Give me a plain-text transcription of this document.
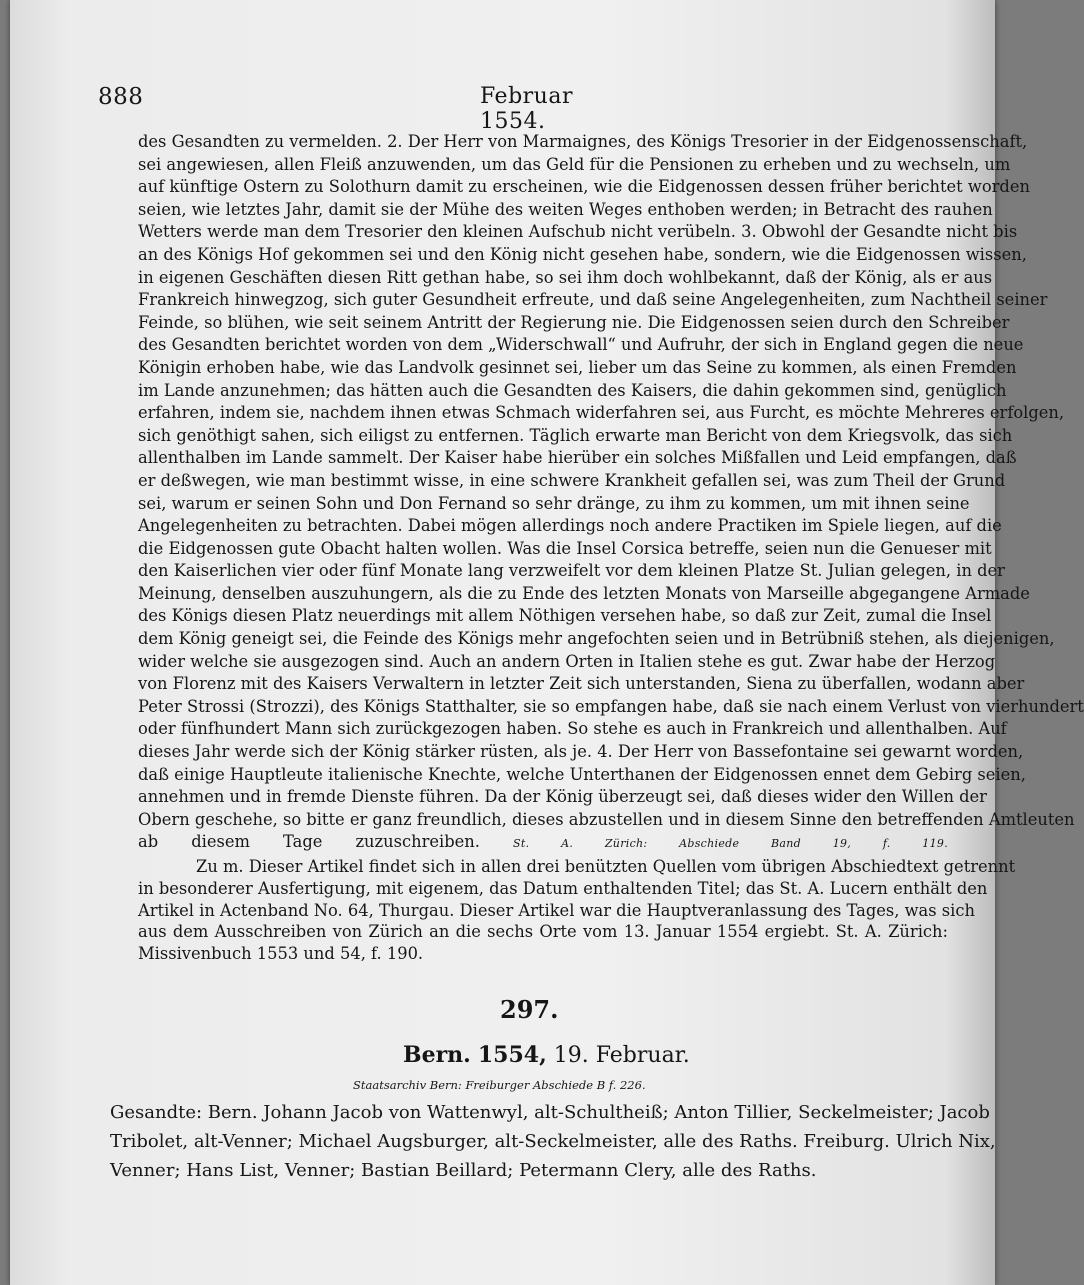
888	Februar 1554.
des Gesandten zu vermelden. 2. Der Herr von Marmaignes, des Königs Tresorier in der Eidgenossenschaft,
sei angewiesen, allen Fleiß anzuwenden, um das Geld für die Pensionen zu erheben und zu wechseln, um
auf künftige Ostern zu Solothurn damit zu erscheinen, wie die Eidgenossen dessen früher berichtet worden
seien, wie letztes Jahr, damit sie der Mühe des weiten Weges enthoben werden; in Betracht des rauhen
Wetters werde man dem Tresorier den kleinen Aufschub nicht verübeln. 3. Obwohl der Gesandte nicht bis
an des Königs Hof gekommen sei und den König nicht gesehen habe, sondern, wie die Eidgenossen wissen,
in eigenen Geschäften diesen Ritt gethan habe, so sei ihm doch wohlbekannt, daß der König, als er aus
Frankreich hinwegzog, sich guter Gesundheit erfreute, und daß seine Angelegenheiten, zum Nachtheil seiner
Feinde, so blühen, wie seit seinem Antritt der Regierung nie. Die Eidgenossen seien durch den Schreiber
des Gesandten berichtet worden von dem „Widerschwall“ und Aufruhr, der sich in England gegen die neue
Königin erhoben habe, wie das Landvolk gesinnet sei, lieber um das Seine zu kommen, als einen Fremden
im Lande anzunehmen; das hätten auch die Gesandten des Kaisers, die dahin gekommen sind, genüglich
erfahren, indem sie, nachdem ihnen etwas Schmach widerfahren sei, aus Furcht, es möchte Mehreres erfolgen,
sich genöthigt sahen, sich eiligst zu entfernen. Täglich erwarte man Bericht von dem Kriegsvolk, das sich
allenthalben im Lande sammelt. Der Kaiser habe hierüber ein solches Mißfallen und Leid empfangen, daß
er deßwegen, wie man bestimmt wisse, in eine schwere Krankheit gefallen sei, was zum Theil der Grund
sei, warum er seinen Sohn und Don Fernand so sehr dränge, zu ihm zu kommen, um mit ihnen seine
Angelegenheiten zu betrachten. Dabei mögen allerdings noch andere Practiken im Spiele liegen, auf die
die Eidgenossen gute Obacht halten wollen. Was die Insel Corsica betreffe, seien nun die Genueser mit
den Kaiserlichen vier oder fünf Monate lang verzweifelt vor dem kleinen Platze St. Julian gelegen, in der
Meinung, denselben auszuhungern, als die zu Ende des letzten Monats von Marseille abgegangene Armade
des Königs diesen Platz neuerdings mit allem Nöthigen versehen habe, so daß zur Zeit, zumal die Insel
dem König geneigt sei, die Feinde des Königs mehr angefochten seien und in Betrübniß stehen, als diejenigen,
wider welche sie ausgezogen sind. Auch an andern Orten in Italien stehe es gut. Zwar habe der Herzog
von Florenz mit des Kaisers Verwaltern in letzter Zeit sich unterstanden, Siena zu überfallen, wodann aber
Peter Strossi (Strozzi), des Königs Statthalter, sie so empfangen habe, daß sie nach einem Verlust von vierhundert
oder fünfhundert Mann sich zurückgezogen haben. So stehe es auch in Frankreich und allenthalben. Auf
dieses Jahr werde sich der König stärker rüsten, als je. 4. Der Herr von Bassefontaine sei gewarnt worden,
daß einige Hauptleute italienische Knechte, welche Unterthanen der Eidgenossen ennet dem Gebirg seien,
annehmen und in fremde Dienste führen. Da der König überzeugt sei, daß dieses wider den Willen der
Obern geschehe, so bitte er ganz freundlich, dieses abzustellen und in diesem Sinne den betreffenden Amtleuten
ab diesem Tage zuzuschreiben.	St. A. Zürich: Abschiede Band 19, f. 119.
Zu m. Dieser Artikel findet sich in allen drei benützten Quellen vom übrigen Abschiedtext getrennt
in besonderer Ausfertigung, mit eigenem, das Datum enthaltenden Titel; das St. A. Lucern enthält den
Artikel in Actenband No. 64, Thurgau. Dieser Artikel war die Hauptveranlassung des Tages, was sich
aus dem Ausschreiben von Zürich an die sechs Orte vom 13. Januar 1554 ergiebt. St. A. Zürich:
Missivenbuch 1553 und 54, f. 190.
297.
Bern. 1554, 19. Februar.
Staatsarchiv Bern: Freiburger Abschiede B f. 226.
Gesandte: Bern. Johann Jacob von Wattenwyl, alt-Schultheiß; Anton Tillier, Seckelmeister; Jacob
Tribolet, alt-Venner; Michael Augsburger, alt-Seckelmeister, alle des Raths. Freiburg. Ulrich Nix,
Venner; Hans List, Venner; Bastian Beillard; Petermann Clery, alle des Raths.
